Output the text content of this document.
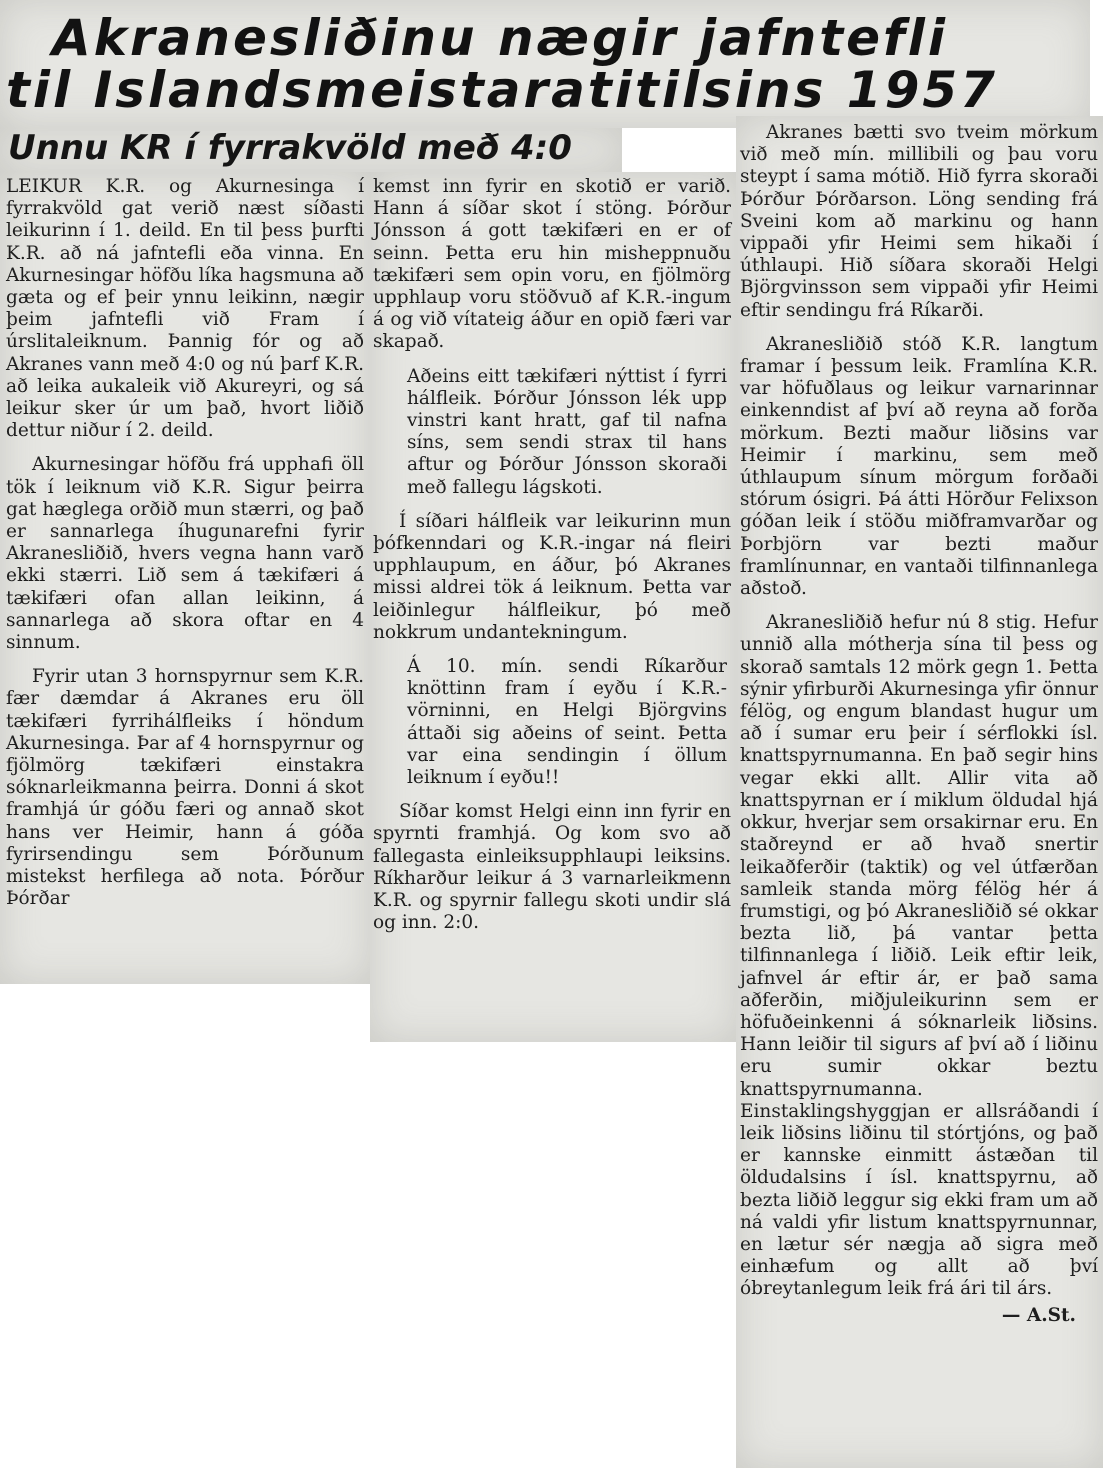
Akranesliðinu nægir jafntefli
til Islandsmeistaratitilsins 1957
Unnu KR í fyrrakvöld með 4:0

LEIKUR K.R. og Akurnesinga í fyrrakvöld gat verið næst síðasti leikurinn í 1. deild. En til þess þurfti K.R. að ná jafntefli eða vinna. En Akurnesingar höfðu líka hagsmuna að gæta og ef þeir ynnu leikinn, nægir þeim jafntefli við Fram í úrslitaleiknum. Þannig fór og að Akranes vann með 4:0 og nú þarf K.R. að leika aukaleik við Akureyri, og sá leikur sker úr um það, hvort liðið dettur niður í 2. deild.

Akurnesingar höfðu frá upphafi öll tök í leiknum við K.R. Sigur þeirra gat hæglega orðið mun stærri, og það er sannarlega íhugunarefni fyrir Akranesliðið, hvers vegna hann varð ekki stærri. Lið sem á tækifæri á tækifæri ofan allan leikinn, á sannarlega að skora oftar en 4 sinnum.

Fyrir utan 3 hornspyrnur sem K.R. fær dæmdar á Akranes eru öll tækifæri fyrrihálfleiks í höndum Akurnesinga. Þar af 4 hornspyrnur og fjölmörg tækifæri einstakra sóknarleikmanna þeirra. Donni á skot framhjá úr góðu færi og annað skot hans ver Heimir, hann á góða fyrirsendingu sem Þórðunum mistekst herfilega að nota. Þórður Þórðar

kemst inn fyrir en skotið er varið. Hann á síðar skot í stöng. Þórður Jónsson á gott tækifæri en er of seinn. Þetta eru hin misheppnuðu tækifæri sem opin voru, en fjölmörg upphlaup voru stöðvuð af K.R.-ingum á og við vítateig áður en opið færi var skapað.

Aðeins eitt tækifæri nýttist í fyrri hálfleik. Þórður Jónsson lék upp vinstri kant hratt, gaf til nafna síns, sem sendi strax til hans aftur og Þórður Jónsson skoraði með fallegu lágskoti.

Í síðari hálfleik var leikurinn mun þófkenndari og K.R.-ingar ná fleiri upphlaupum, en áður, þó Akranes missi aldrei tök á leiknum. Þetta var leiðinlegur hálfleikur, þó með nokkrum undantekningum.

Á 10. mín. sendi Ríkarður knöttinn fram í eyðu í K.R.-vörninni, en Helgi Björgvins áttaði sig aðeins of seint. Þetta var eina sendingin í öllum leiknum í eyðu!!

Síðar komst Helgi einn inn fyrir en spyrnti framhjá. Og kom svo að fallegasta einleiksupphlaupi leiksins. Ríkharður leikur á 3 varnarleikmenn K.R. og spyrnir fallegu skoti undir slá og inn. 2:0.

Akranes bætti svo tveim mörkum við með mín. millibili og þau voru steypt í sama mótið. Hið fyrra skoraði Þórður Þórðarson. Löng sending frá Sveini kom að markinu og hann vippaði yfir Heimi sem hikaði í úthlaupi. Hið síðara skoraði Helgi Björgvinsson sem vippaði yfir Heimi eftir sendingu frá Ríkarði.

Akranesliðið stóð K.R. langtum framar í þessum leik. Framlína K.R. var höfuðlaus og leikur varnarinnar einkenndist af því að reyna að forða mörkum. Bezti maður liðsins var Heimir í markinu, sem með úthlaupum sínum mörgum forðaði stórum ósigri. Þá átti Hörður Felixson góðan leik í stöðu miðframvarðar og Þorbjörn var bezti maður framlínunnar, en vantaði tilfinnanlega aðstoð.

Akranesliðið hefur nú 8 stig. Hefur unnið alla mótherja sína til þess og skorað samtals 12 mörk gegn 1. Þetta sýnir yfirburði Akurnesinga yfir önnur félög, og engum blandast hugur um að í sumar eru þeir í sérflokki ísl. knattspyrnumanna. En það segir hins vegar ekki allt. Allir vita að knattspyrnan er í miklum öldudal hjá okkur, hverjar sem orsakirnar eru. En staðreynd er að hvað snertir leikaðferðir (taktik) og vel útfærðan samleik standa mörg félög hér á frumstigi, og þó Akranesliðið sé okkar bezta lið, þá vantar þetta tilfinnanlega í liðið. Leik eftir leik, jafnvel ár eftir ár, er það sama aðferðin, miðjuleikurinn sem er höfuðeinkenni á sóknarleik liðsins. Hann leiðir til sigurs af því að í liðinu eru sumir okkar beztu knattspyrnumanna. Einstaklingshyggjan er allsráðandi í leik liðsins liðinu til stórtjóns, og það er kannske einmitt ástæðan til öldudalsins í ísl. knattspyrnu, að bezta liðið leggur sig ekki fram um að ná valdi yfir listum knattspyrnunnar, en lætur sér nægja að sigra með einhæfum og allt að því óbreytanlegum leik frá ári til árs.

— A.St.
